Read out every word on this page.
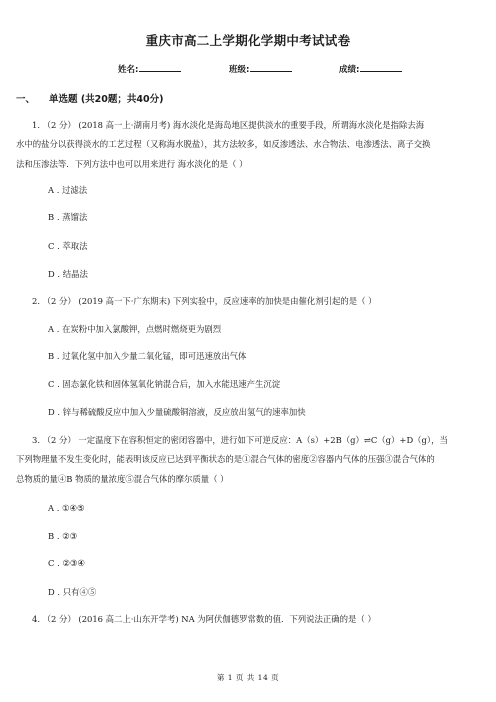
重庆市高二上学期化学期中考试试卷
姓名:	班级:	成绩:
一、 单选题 (共20题；共40分)
1. （2 分） (2018 高一上·湖南月考) 海水淡化是海岛地区提供淡水的重要手段，所谓海水淡化是指除去海
水中的盐分以获得淡水的工艺过程（又称海水脱盐），其方法较多，如反渗透法、水合物法、电渗透法、离子交换
法和压渗法等．下列方法中也可以用来进行 海水淡化的是（ ）
A . 过滤法
B . 蒸馏法
C . 萃取法
D . 结晶法
2. （2 分） (2019 高一下·广东期末) 下列实验中，反应速率的加快是由催化剂引起的是（ ）
A . 在炭粉中加入氯酸钾，点燃时燃烧更为剧烈
B . 过氧化氢中加入少量二氧化锰，即可迅速放出气体
C . 固态氯化铁和固体氢氧化钠混合后，加入水能迅速产生沉淀
D . 锌与稀硫酸反应中加入少量硫酸铜溶液，反应放出氢气的速率加快
3. （2 分） 一定温度下在容积恒定的密闭容器中，进行如下可逆反应：A（s）+2B（g）⇌C（g）+D（g），当
下列物理量不发生变化时，能表明该反应已达到平衡状态的是①混合气体的密度②容器内气体的压强③混合气体的
总物质的量④B 物质的量浓度⑤混合气体的摩尔质量（ ）
A . ①④⑤
B . ②③
C . ②③④
D . 只有④⑤
4. （2 分） (2016 高二上·山东开学考) NA 为阿伏伽德罗常数的值．下列说法正确的是（ ）
第 1 页 共 14 页
